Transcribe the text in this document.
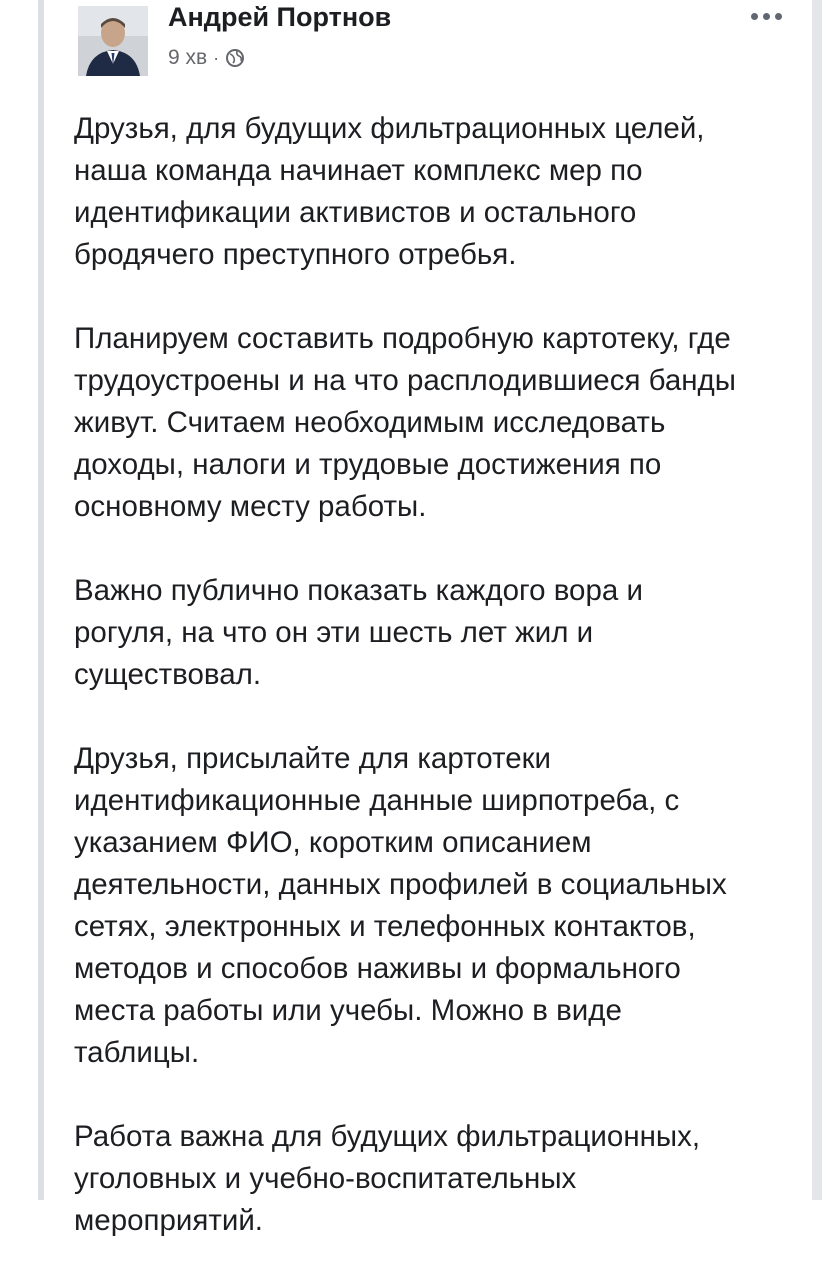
Андрей Портнов
9 хв ·

Друзья, для будущих фильтрационных целей,
наша команда начинает комплекс мер по
идентификации активистов и остального
бродячего преступного отребья.

Планируем составить подробную картотеку, где
трудоустроены и на что расплодившиеся банды
живут. Считаем необходимым исследовать
доходы, налоги и трудовые достижения по
основному месту работы.

Важно публично показать каждого вора и
рогуля, на что он эти шесть лет жил и
существовал.

Друзья, присылайте для картотеки
идентификационные данные ширпотреба, с
указанием ФИО, коротким описанием
деятельности, данных профилей в социальных
сетях, электронных и телефонных контактов,
методов и способов наживы и формального
места работы или учебы. Можно в виде
таблицы.

Работа важна для будущих фильтрационных,
уголовных и учебно-воспитательных
мероприятий.
